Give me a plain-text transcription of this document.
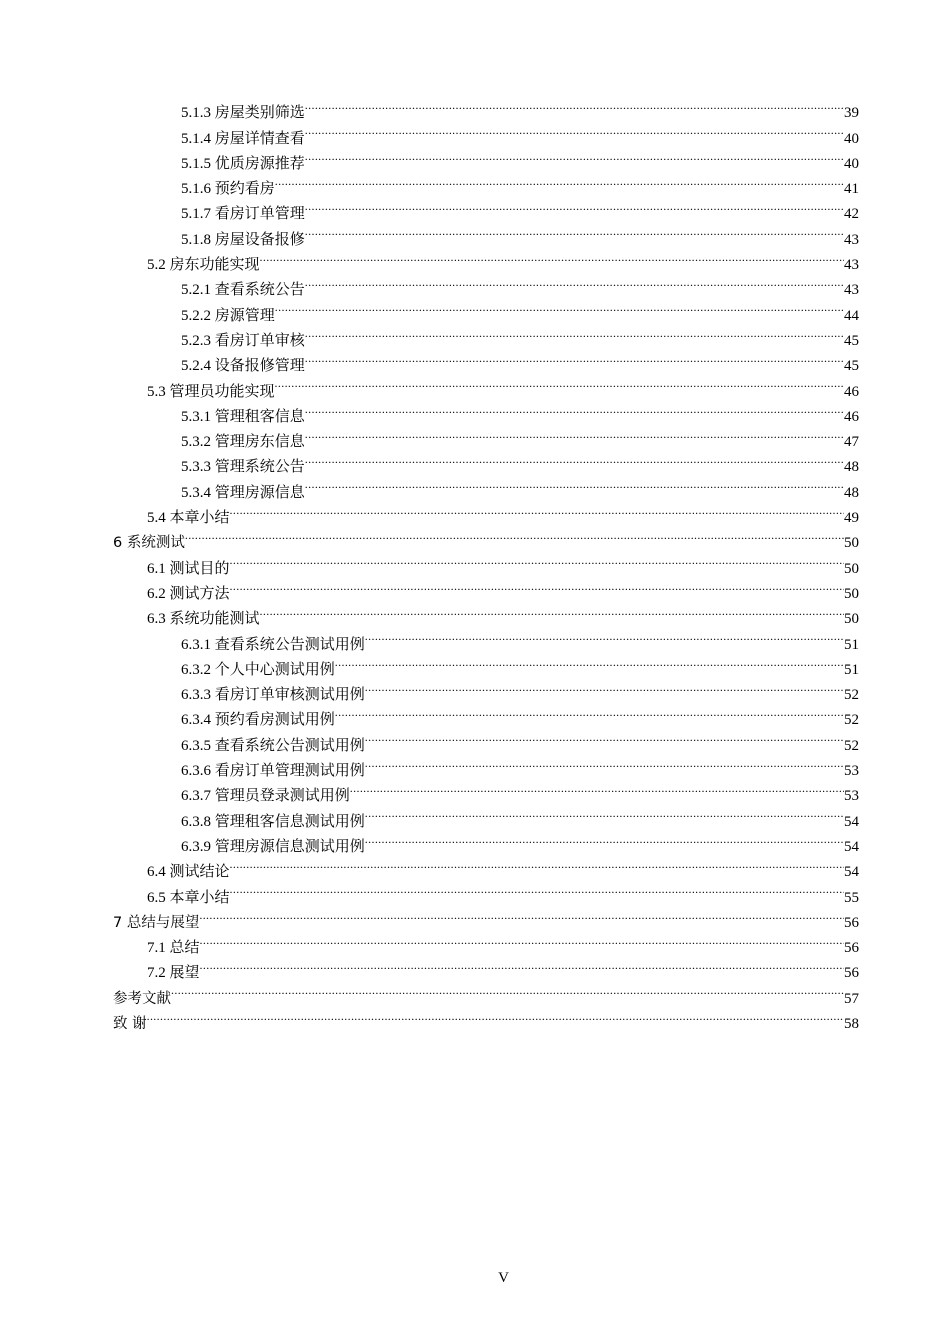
5.1.3 房屋类别筛选 .....	39
5.1.4 房屋详情查看 .....	40
5.1.5 优质房源推荐 .....	40
5.1.6 预约看房 .....	41
5.1.7 看房订单管理 .....	42
5.1.8 房屋设备报修 .....	43
5.2 房东功能实现 .....	43
5.2.1 查看系统公告 .....	43
5.2.2 房源管理 .....	44
5.2.3 看房订单审核 .....	45
5.2.4 设备报修管理 .....	45
5.3 管理员功能实现 .....	46
5.3.1 管理租客信息 .....	46
5.3.2 管理房东信息 .....	47
5.3.3 管理系统公告 .....	48
5.3.4 管理房源信息 .....	48
5.4 本章小结 .....	49
6 系统测试 .....	50
6.1 测试目的 .....	50
6.2 测试方法 .....	50
6.3 系统功能测试 .....	50
6.3.1 查看系统公告测试用例 .....	51
6.3.2 个人中心测试用例 .....	51
6.3.3 看房订单审核测试用例 .....	52
6.3.4 预约看房测试用例 .....	52
6.3.5 查看系统公告测试用例 .....	52
6.3.6 看房订单管理测试用例 .....	53
6.3.7 管理员登录测试用例 .....	53
6.3.8 管理租客信息测试用例 .....	54
6.3.9 管理房源信息测试用例 .....	54
6.4 测试结论 .....	54
6.5 本章小结 .....	55
7 总结与展望 .....	56
7.1 总结 .....	56
7.2 展望 .....	56
参考文献 .....	57
致 谢 .....	58
V
